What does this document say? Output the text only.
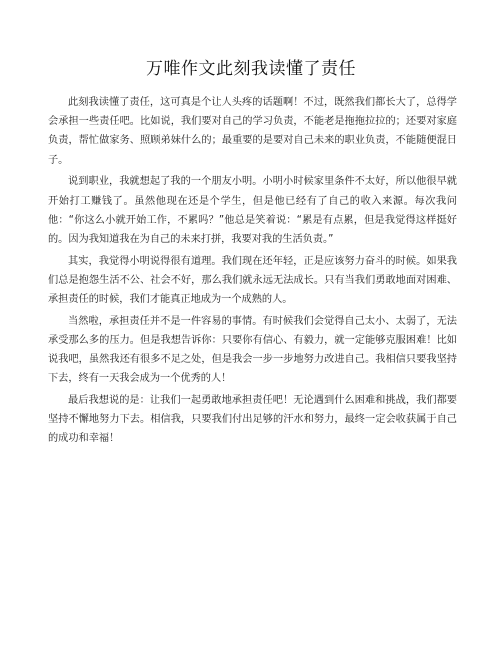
万唯作文此刻我读懂了责任

此刻我读懂了责任，这可真是个让人头疼的话题啊！不过，既然我们都长大了，总得学会承担一些责任吧。比如说，我们要对自己的学习负责，不能老是拖拖拉拉的；还要对家庭负责，帮忙做家务、照顾弟妹什么的；最重要的是要对自己未来的职业负责，不能随便混日子。

说到职业，我就想起了我的一个朋友小明。小明小时候家里条件不太好，所以他很早就开始打工赚钱了。虽然他现在还是个学生，但是他已经有了自己的收入来源。每次我问他：“你这么小就开始工作，不累吗？”他总是笑着说：“累是有点累，但是我觉得这样挺好的。因为我知道我在为自己的未来打拼，我要对我的生活负责。”

其实，我觉得小明说得很有道理。我们现在还年轻，正是应该努力奋斗的时候。如果我们总是抱怨生活不公、社会不好，那么我们就永远无法成长。只有当我们勇敢地面对困难、承担责任的时候，我们才能真正地成为一个成熟的人。

当然啦，承担责任并不是一件容易的事情。有时候我们会觉得自己太小、太弱了，无法承受那么多的压力。但是我想告诉你：只要你有信心、有毅力，就一定能够克服困难！比如说我吧，虽然我还有很多不足之处，但是我会一步一步地努力改进自己。我相信只要我坚持下去，终有一天我会成为一个优秀的人！

最后我想说的是：让我们一起勇敢地承担责任吧！无论遇到什么困难和挑战，我们都要坚持不懈地努力下去。相信我，只要我们付出足够的汗水和努力，最终一定会收获属于自己的成功和幸福！
